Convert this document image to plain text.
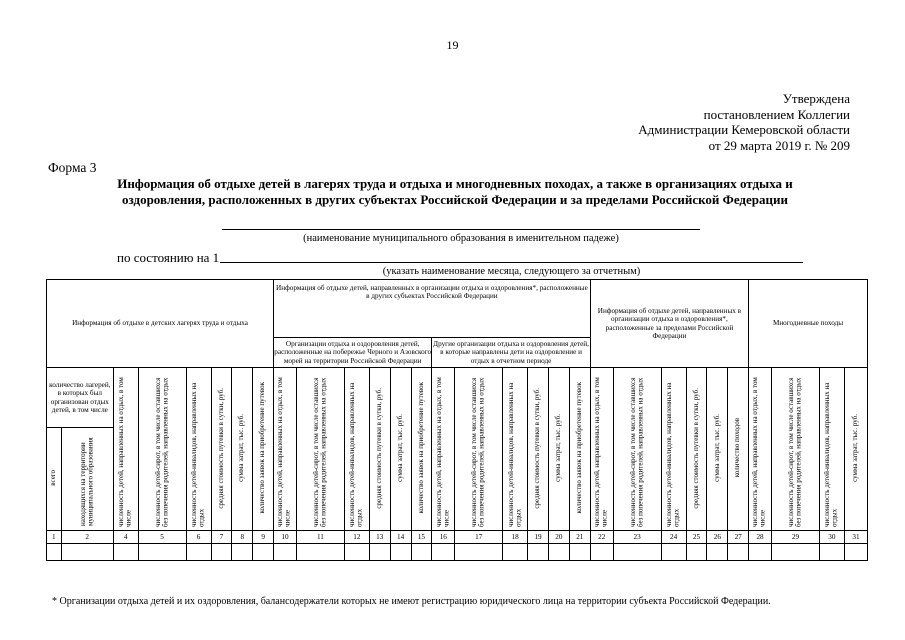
19
Утверждена
постановлением Коллегии
Администрации Кемеровской области
от 29 марта 2019 г. № 209
Форма 3
Информация об отдыхе детей в лагерях труда и отдыха и многодневных походах, а также в организациях отдыха и
оздоровления, расположенных в других субъектах Российской Федерации и за пределами Российской Федерации
(наименование муниципального образования в именительном падеже)
по состоянию на 1
(указать наименование месяца, следующего за отчетным)
Информация об отдыхе в детских лагерях труда и отдыха								Информация об отдыхе детей, направленных в организации отдыха и оздоровления*, расположенные в других субъектах Российской Федерации												Информация об отдыхе детей, направленных в организации отдыха и оздоровления*, расположенные за пределами Российской Федерации						Многодневные походы			
								Организации отдыха и оздоровления детей, расположенные на побережье Черного и Азовского морей на территории Российской Федерации						Другие организации отдыха и оздоровления детей, в которые направлены дети на оздоровление и отдых в отчетном периоде															
количество лагерей, в которых был организован отдых детей, в том числе		численность детей, направленных на отдых, в том числе	численность детей-сирот, в том числе оставшихся без попечения родителей, направленных на отдых	численность детей-инвалидов, направленных на отдых	средняя стоимость путевки в сутки, руб.	сумма затрат, тыс. руб.	количество заявок на приобретение путевок	численность детей, направленных на отдых, в том числе	численность детей-сирот, в том числе оставшихся без попечения родителей, направленных на отдых	численность детей-инвалидов, направленных на отдых	средняя стоимость путевки в сутки, руб.	сумма затрат, тыс. руб.	количество заявок на приобретение путевок	численность детей, направленных на отдых, в том числе	численность детей-сирот, в том числе оставшихся без попечения родителей, направленных на отдых	численность детей-инвалидов, направленных на отдых	средняя стоимость путевки в сутки, руб.	сумма затрат, тыс. руб.	количество заявок на приобретение путевок	численность детей, направленных на отдых, в том числе	численность детей-сирот, в том числе оставшихся без попечения родителей, направленных на отдых	численность детей-инвалидов, направленных на отдых	средняя стоимость путевки в сутки, руб.	сумма затрат, тыс. руб.	количество походов	численность детей, направленных на отдых, в том числе	численность детей-сирот, в том числе оставшихся без попечения родителей, направленных на отдых	численность детей-инвалидов, направленных на отдых	сумма затрат, тыс. руб.
всего	находящихся на территории муниципального образования																												
1	2	4	5	6	7	8	9	10	11	12	13	14	15	16	17	18	19	20	21	22	23	24	25	26	27	28	29	30	31

* Организации отдыха детей и их оздоровления, балансодержатели которых не имеют регистрацию юридического лица на территории субъекта Российской Федерации.
